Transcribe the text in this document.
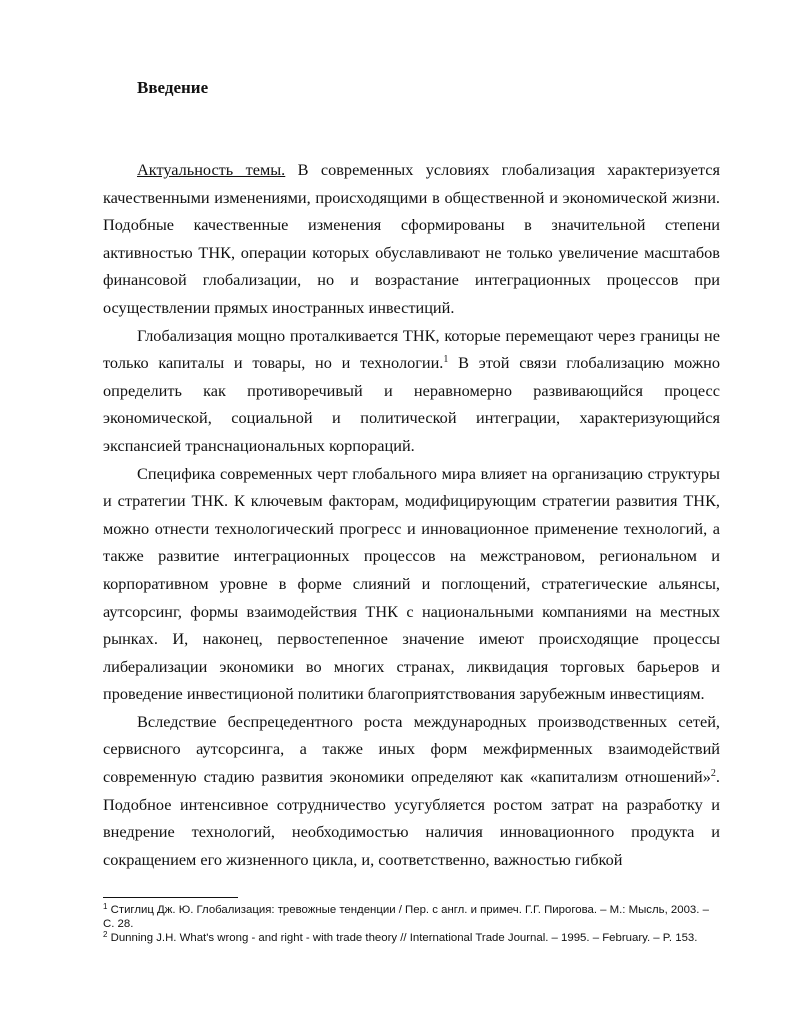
Введение

Актуальность темы. В современных условиях глобализация характеризуется качественными изменениями, происходящими в общественной и экономической жизни. Подобные качественные изменения сформированы в значительной степени активностью ТНК, операции которых обуславливают не только увеличение масштабов финансовой глобализации, но и возрастание интеграционных процессов при осуществлении прямых иностранных инвестиций.

Глобализация мощно проталкивается ТНК, которые перемещают через границы не только капиталы и товары, но и технологии.$^1$ В этой связи глобализацию можно определить как противоречивый и неравномерно развивающийся процесс экономической, социальной и политической интеграции, характеризующийся экспансией транснациональных корпораций.

Специфика современных черт глобального мира влияет на организацию структуры и стратегии ТНК. К ключевым факторам, модифицирующим стратегии развития ТНК, можно отнести технологический прогресс и инновационное применение технологий, а также развитие интеграционных процессов на межстрановом, региональном и корпоративном уровне в форме слияний и поглощений, стратегические альянсы, аутсорсинг, формы взаимодействия ТНК с национальными компаниями на местных рынках. И, наконец, первостепенное значение имеют происходящие процессы либерализации экономики во многих странах, ликвидация торговых барьеров и проведение инвестиционой политики благоприятствования зарубежным инвестициям.

Вследствие беспрецедентного роста международных производственных сетей, сервисного аутсорсинга, а также иных форм межфирменных взаимодействий современную стадию развития экономики определяют как «капитализм отношений»$^2$. Подобное интенсивное сотрудничество усугубляется ростом затрат на разработку и внедрение технологий, необходимостью наличия инновационного продукта и сокращением его жизненного цикла, и, соответственно, важностью гибкой

$^1$ Стиглиц Дж. Ю. Глобализация: тревожные тенденции / Пер. с англ. и примеч. Г.Г. Пирогова. – М.: Мысль, 2003. – С. 28.

$^2$ Dunning J.H. What's wrong - and right - with trade theory // International Trade Journal. – 1995. – February. – P. 153.
